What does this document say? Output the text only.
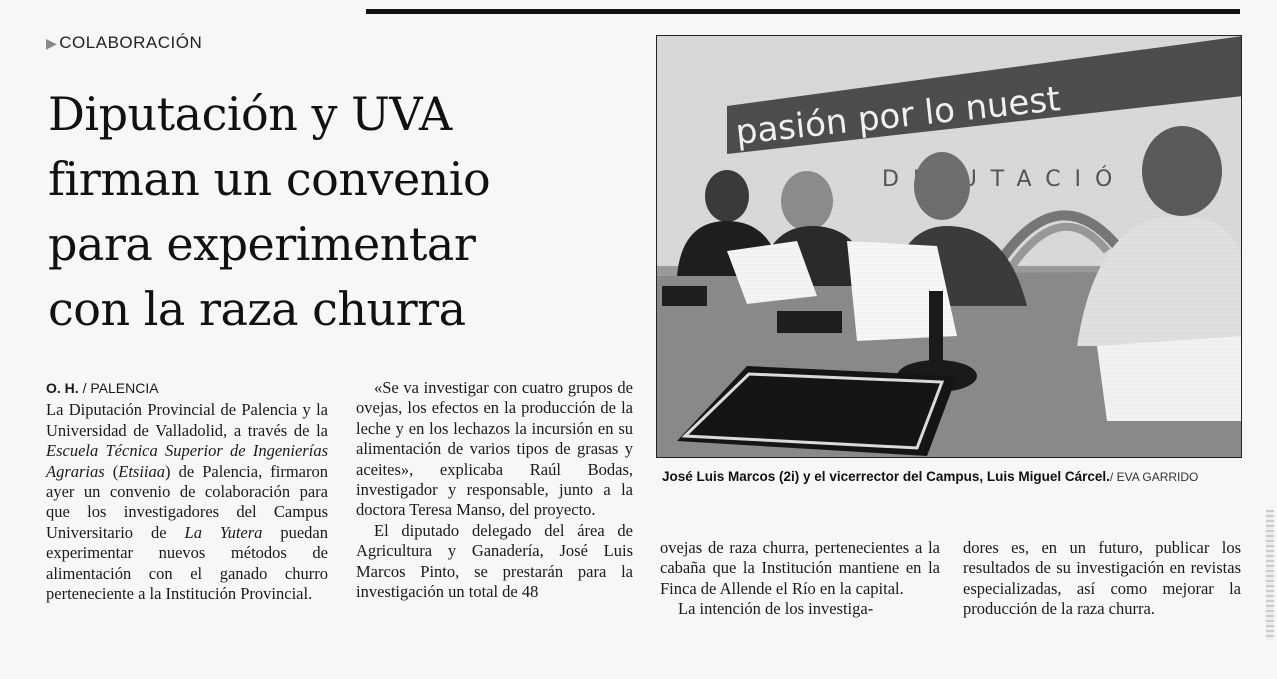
▶ COLABORACIÓN
Diputación y UVA
firman un convenio
para experimentar
con la raza churra
O. H. / PALENCIA

La Diputación Provincial de Palencia y la Universidad de Valladolid, a través de la Escuela Técnica Superior de Ingenierías Agrarias (Etsiiaa) de Palencia, firmaron ayer un convenio de colaboración para que los investigadores del Campus Universitario de La Yutera puedan experimentar nuevos métodos de alimentación con el ganado churro perteneciente a la Institución Provincial.

«Se va investigar con cuatro grupos de ovejas, los efectos en la producción de la leche y en los lechazos la incursión en su alimentación de varios tipos de grasas y aceites», explicaba Raúl Bodas, investigador y responsable, junto a la doctora Teresa Manso, del proyecto.

El diputado delegado del área de Agricultura y Ganadería, José Luis Marcos Pinto, se prestarán para la investigación un total de 48

ovejas de raza churra, pertenecientes a la cabaña que la Institución mantiene en la Finca de Allende el Río en la capital.

La intención de los investiga-

dores es, en un futuro, publicar los resultados de su investigación en revistas especializadas, así como mejorar la producción de la raza churra.

José Luis Marcos (2i) y el vicerrector del Campus, Luis Miguel Cárcel./ EVA GARRIDO
